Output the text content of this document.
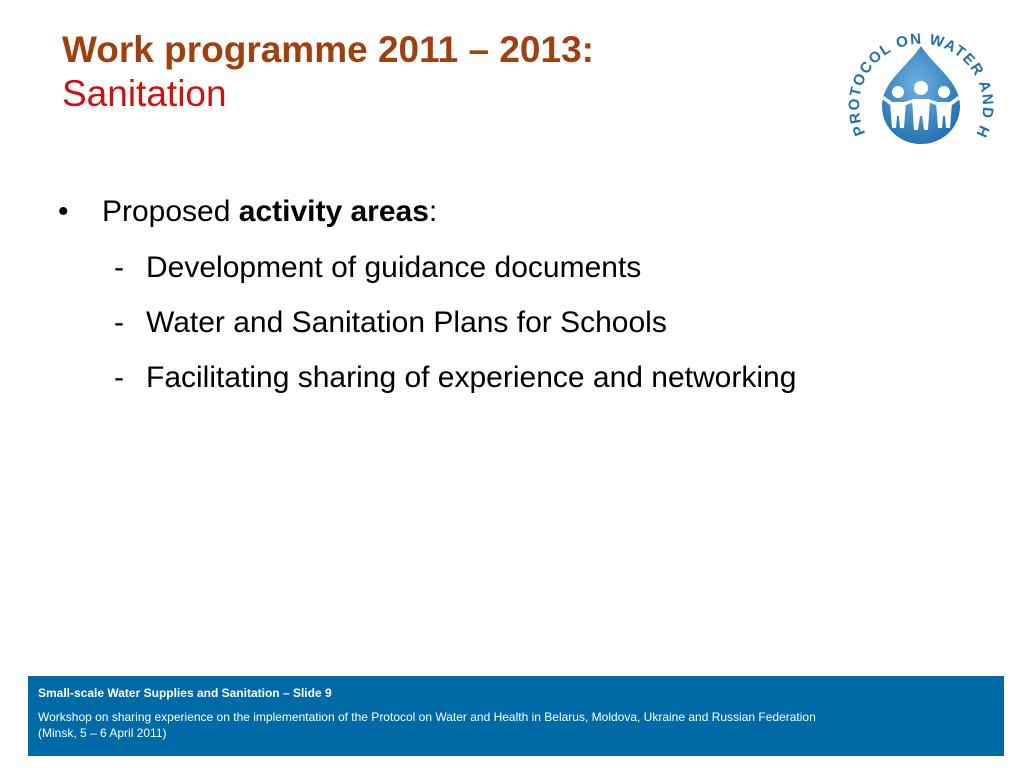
Work programme 2011 – 2013:
Sanitation
PROTOCOL ON WATER AND H
•	Proposed activity areas:
- Development of guidance documents
- Water and Sanitation Plans for Schools
- Facilitating sharing of experience and networking
Small-scale Water Supplies and Sanitation – Slide 9
Workshop on sharing experience on the implementation of the Protocol on Water and Health in Belarus, Moldova, Ukraine and Russian Federation
(Minsk, 5 – 6 April 2011)
